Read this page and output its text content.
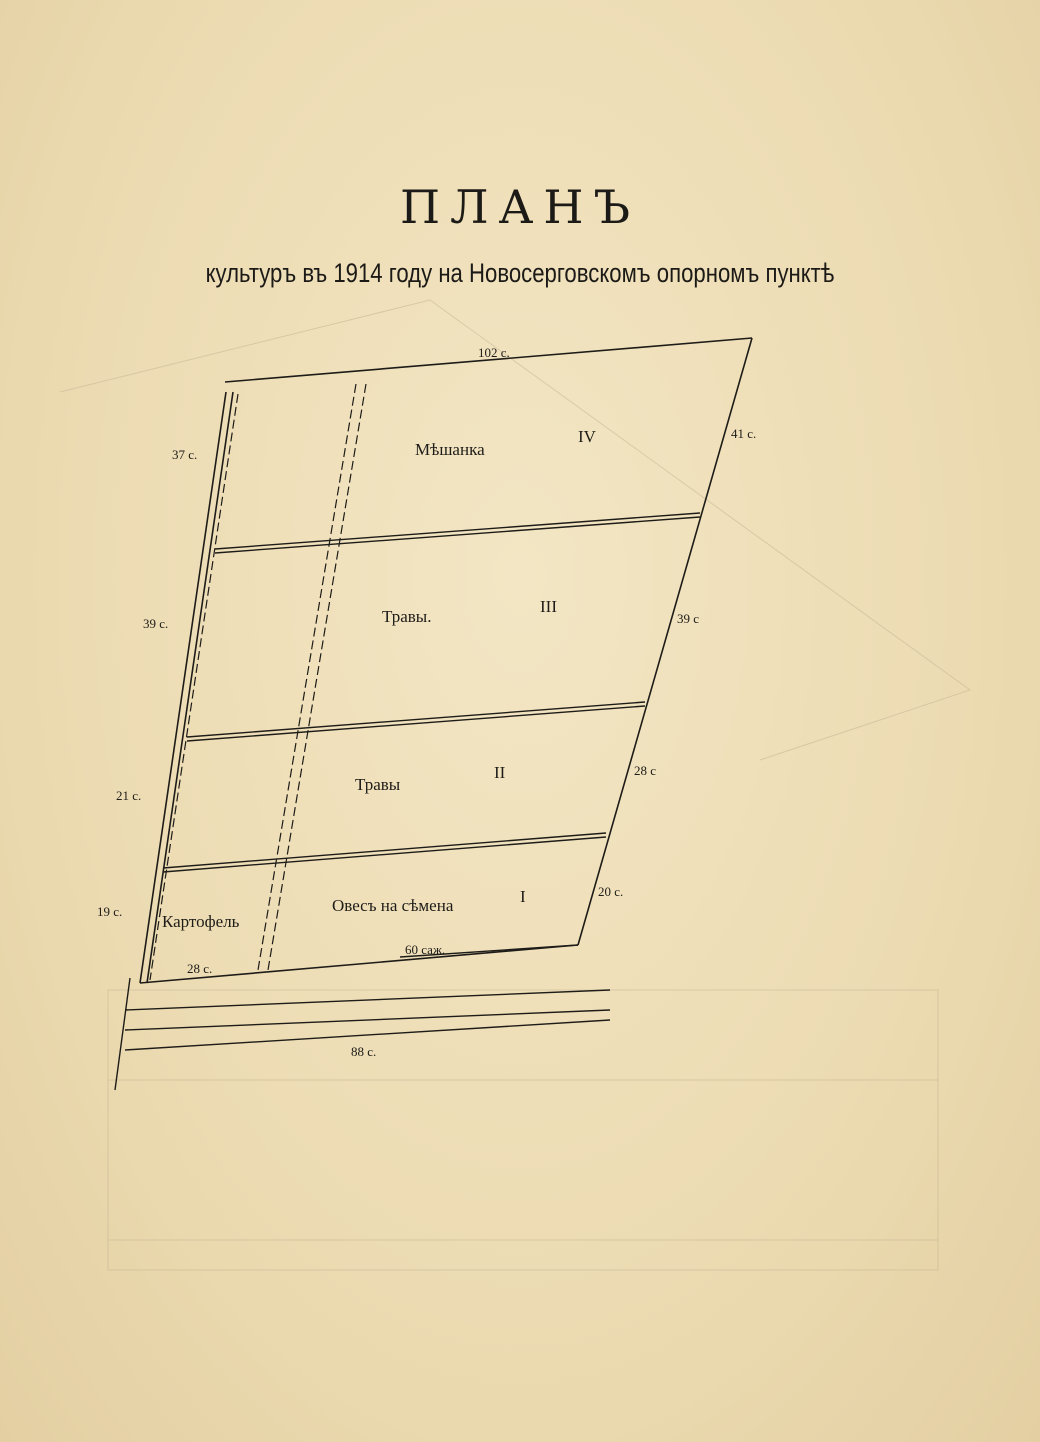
Мѣшанка
IV
Травы.
III
Травы
II
Овесъ на сѣмена	I
Картофель
102 с.
37 с.
39 с.
21 с.
19 с.
41 с.
39 с
28 с
20 с.
28 с.
60 саж.
88 с.
ПЛАНЪ
культуръ въ 1914 году на Новосерговскомъ опорномъ пунктѣ
